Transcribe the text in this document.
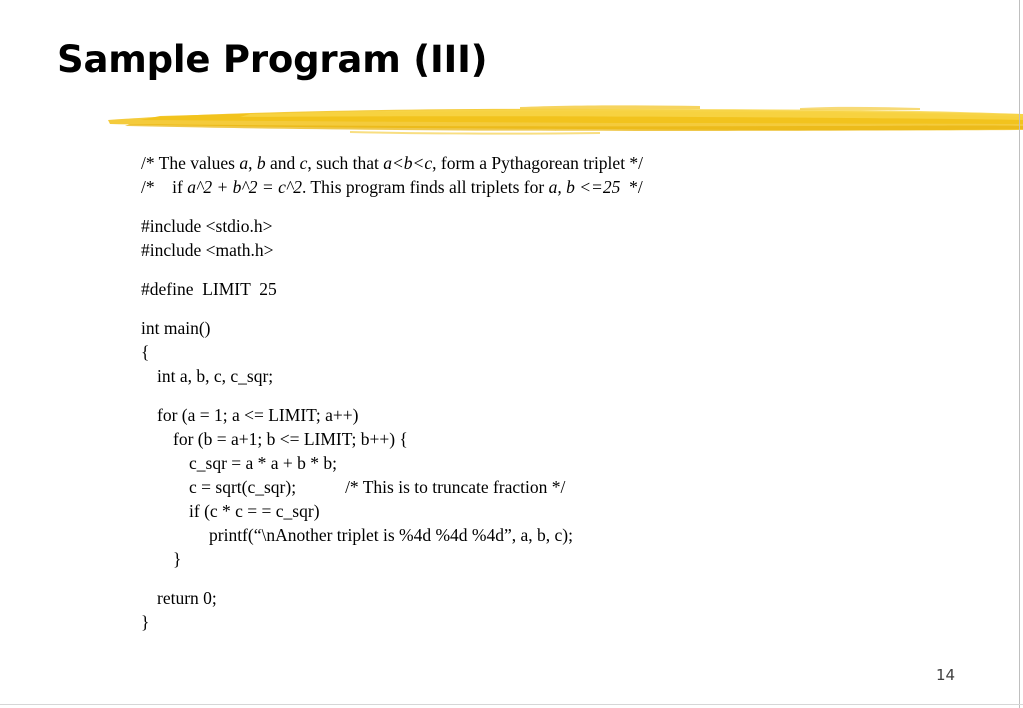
Sample Program (III)
/* The values a, b and c, such that a<b<c, form a Pythagorean triplet */
/*    if a^2 + b^2 = c^2. This program finds all triplets for a, b <=25  */
#include <stdio.h>
#include <math.h>
#define  LIMIT  25
int main()
{
int a, b, c, c_sqr;
for (a = 1; a <= LIMIT; a++)
for (b = a+1; b <= LIMIT; b++) {
c_sqr = a * a + b * b;
c = sqrt(c_sqr);	/* This is to truncate fraction */
if (c * c = = c_sqr)
printf(“\nAnother triplet is %4d %4d %4d”, a, b, c);
}
return 0;
}
14
